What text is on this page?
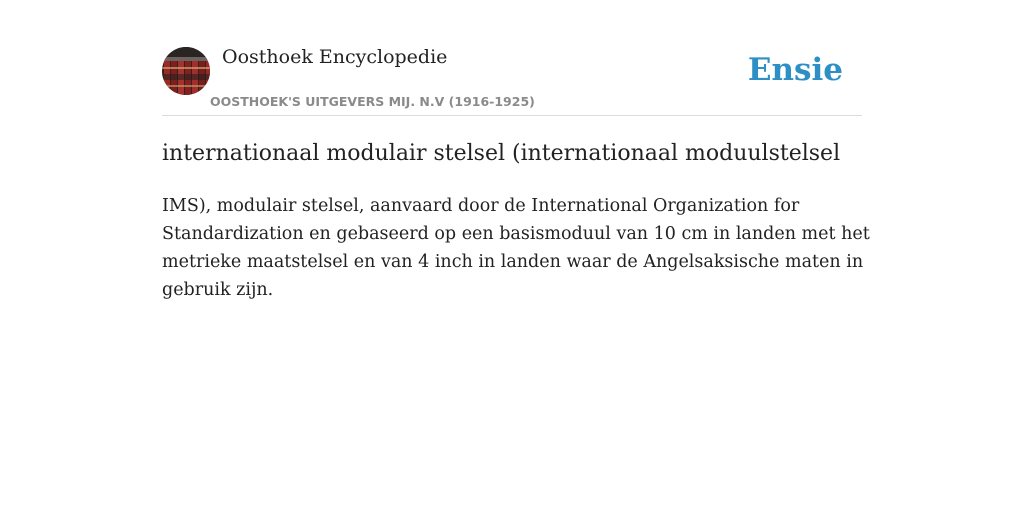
Oosthoek Encyclopedie
OOSTHOEK'S UITGEVERS MIJ. N.V (1916-1925)
Ensie
internationaal modulair stelsel (internationaal moduulstelsel

IMS), modulair stelsel, aanvaard door de International Organization for
Standardization en gebaseerd op een basismoduul van 10 cm in landen met het
metrieke maatstelsel en van 4 inch in landen waar de Angelsaksische maten in
gebruik zijn.
